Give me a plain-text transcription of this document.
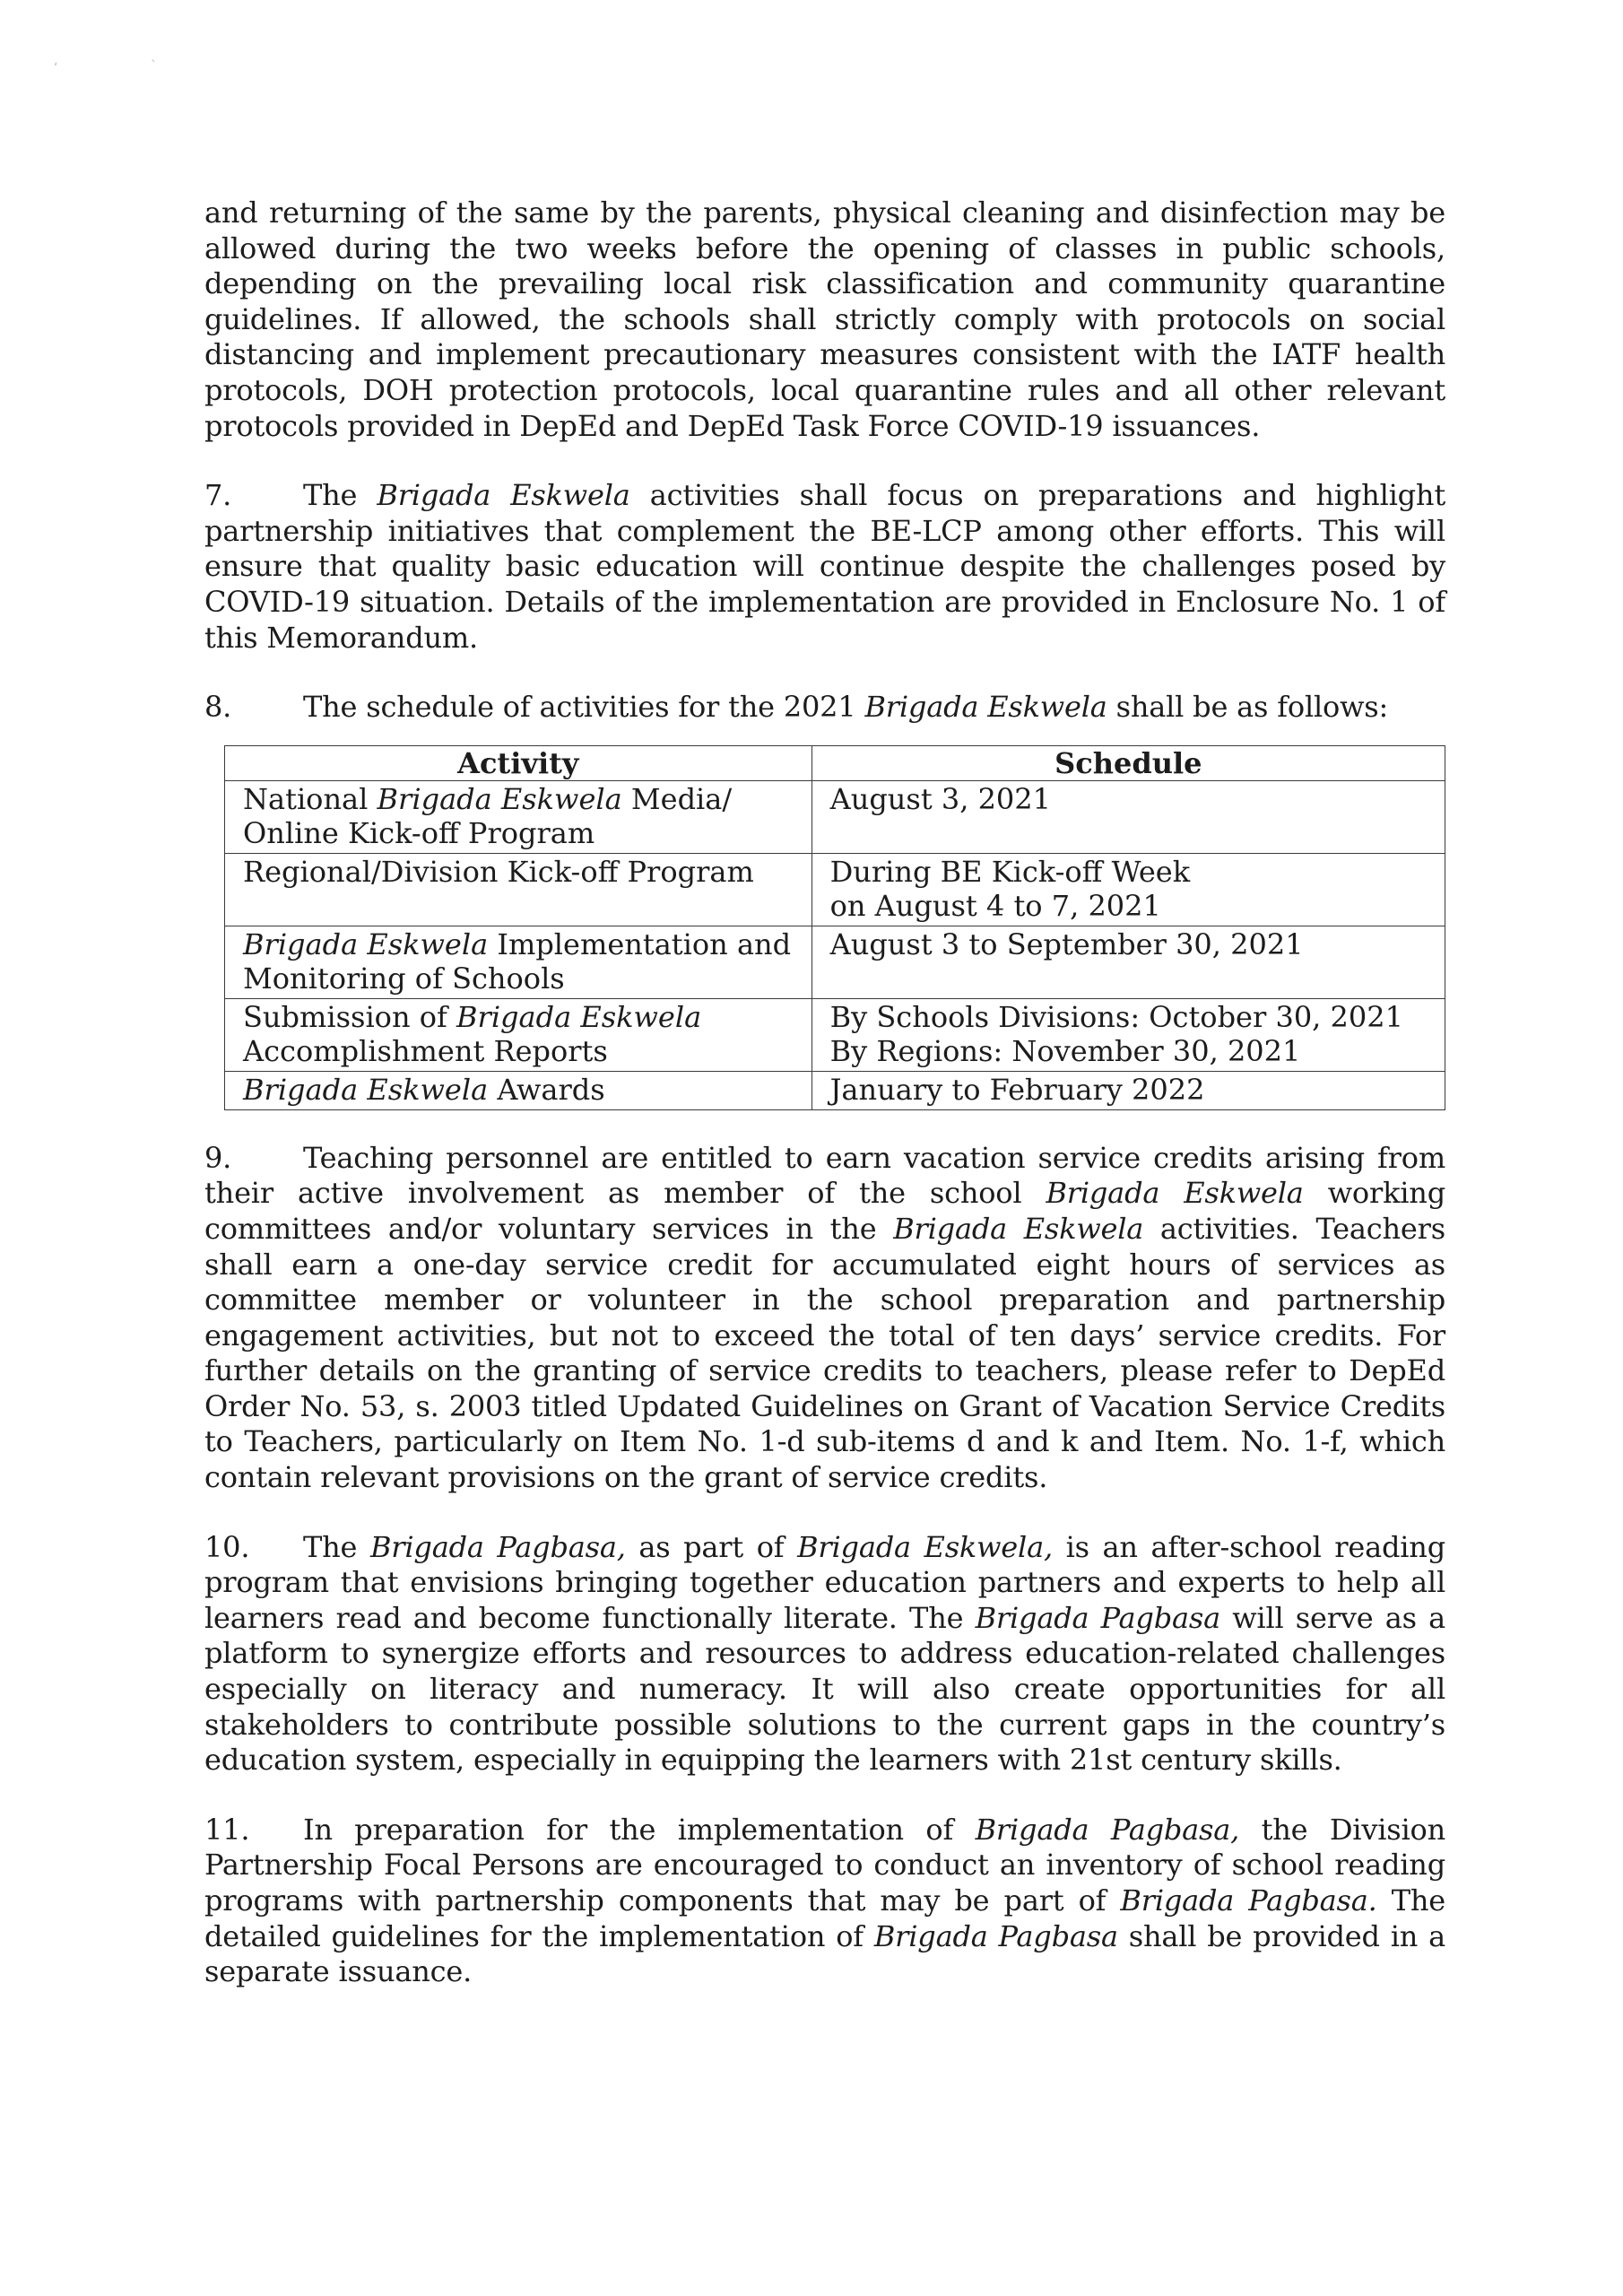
‘	`

and returning of the same by the parents, physical cleaning and disinfection may be allowed during the two weeks before the opening of classes in public schools, depending on the prevailing local risk classification and community quarantine guidelines. If allowed, the schools shall strictly comply with protocols on social distancing and implement precautionary measures consistent with the IATF health protocols, DOH protection protocols, local quarantine rules and all other relevant protocols provided in DepEd and DepEd Task Force COVID-19 issuances.

7. The Brigada Eskwela activities shall focus on preparations and highlight partnership initiatives that complement the BE-LCP among other efforts. This will ensure that quality basic education will continue despite the challenges posed by COVID-19 situation. Details of the implementation are provided in Enclosure No. 1 of this Memorandum.

8. The schedule of activities for the 2021 Brigada Eskwela shall be as follows:

Activity	Schedule

National Brigada Eskwela Media/
Online Kick-off Program	August 3, 2021

Regional/Division Kick-off Program	During BE Kick-off Week
on August 4 to 7, 2021

Brigada Eskwela Implementation and
Monitoring of Schools	August 3 to September 30, 2021

Submission of Brigada Eskwela
Accomplishment Reports	By Schools Divisions: October 30, 2021
By Regions: November 30, 2021

Brigada Eskwela Awards	January to February 2022

9. Teaching personnel are entitled to earn vacation service credits arising from their active involvement as member of the school Brigada Eskwela working committees and/or voluntary services in the Brigada Eskwela activities. Teachers shall earn a one-day service credit for accumulated eight hours of services as committee member or volunteer in the school preparation and partnership engagement activities, but not to exceed the total of ten days’ service credits. For further details on the granting of service credits to teachers, please refer to DepEd Order No. 53, s. 2003 titled Updated Guidelines on Grant of Vacation Service Credits to Teachers, particularly on Item No. 1-d sub-items d and k and Item. No. 1-f, which contain relevant provisions on the grant of service credits.

10. The Brigada Pagbasa, as part of Brigada Eskwela, is an after-school reading program that envisions bringing together education partners and experts to help all learners read and become functionally literate. The Brigada Pagbasa will serve as a platform to synergize efforts and resources to address education-related challenges especially on literacy and numeracy. It will also create opportunities for all stakeholders to contribute possible solutions to the current gaps in the country’s education system, especially in equipping the learners with 21st century skills.

11. In preparation for the implementation of Brigada Pagbasa, the Division Partnership Focal Persons are encouraged to conduct an inventory of school reading programs with partnership components that may be part of Brigada Pagbasa. The detailed guidelines for the implementation of Brigada Pagbasa shall be provided in a separate issuance.
